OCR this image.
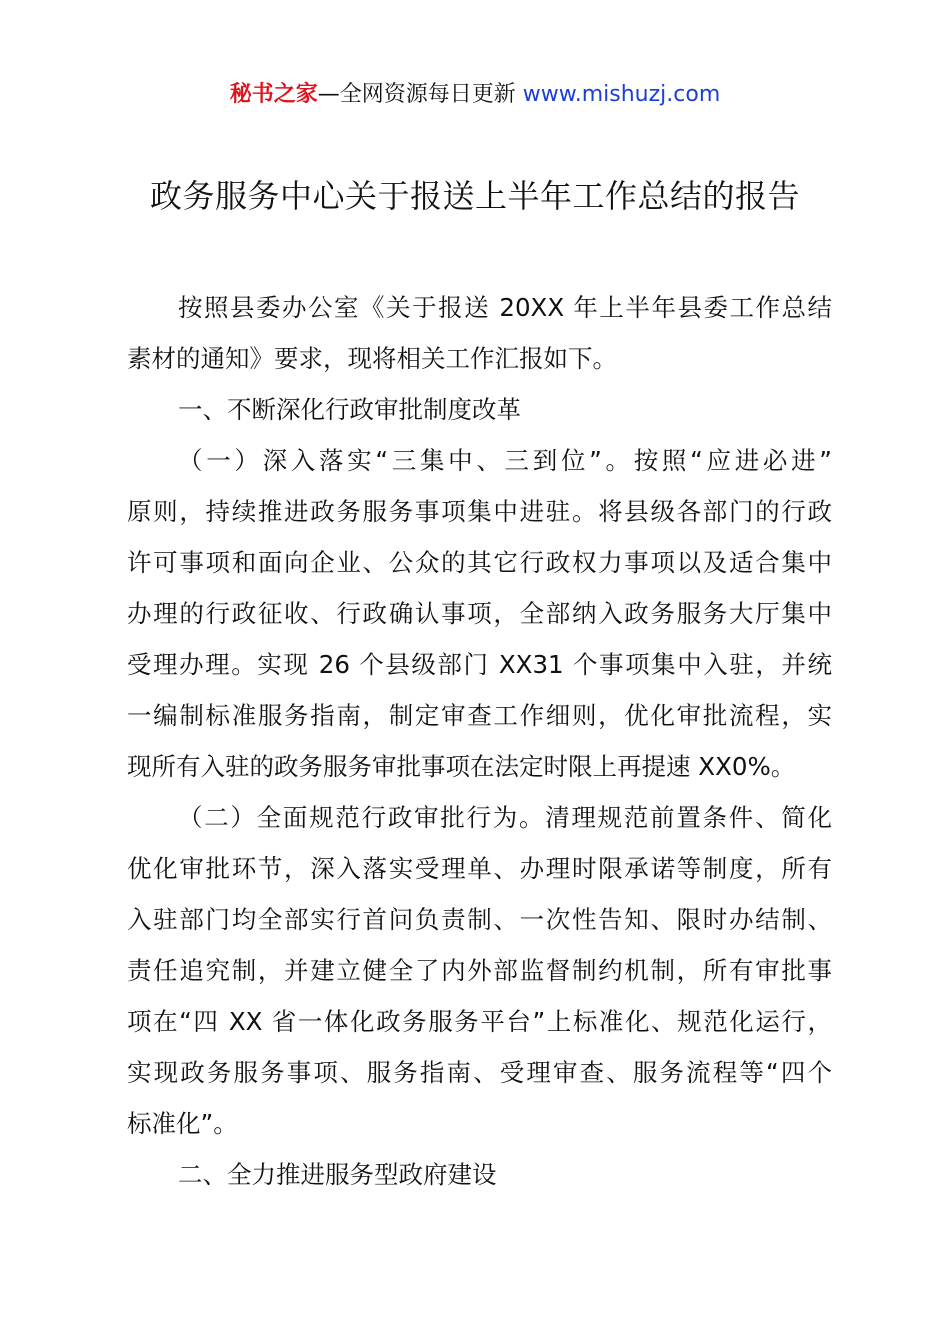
秘书之家—全网资源每日更新 www.mishuzj.com
政务服务中心关于报送上半年工作总结的报告
按照县委办公室《关于报送 20XX 年上半年县委工作总结
素材的通知》要求，现将相关工作汇报如下。
一、不断深化行政审批制度改革
（一）深入落实“三集中、三到位”。按照“应进必进”
原则，持续推进政务服务事项集中进驻。将县级各部门的行政
许可事项和面向企业、公众的其它行政权力事项以及适合集中
办理的行政征收、行政确认事项，全部纳入政务服务大厅集中
受理办理。实现 26 个县级部门 XX31 个事项集中入驻，并统
一编制标准服务指南，制定审查工作细则，优化审批流程，实
现所有入驻的政务服务审批事项在法定时限上再提速 XX0%。
（二）全面规范行政审批行为。清理规范前置条件、简化
优化审批环节，深入落实受理单、办理时限承诺等制度，所有
入驻部门均全部实行首问负责制、一次性告知、限时办结制、
责任追究制，并建立健全了内外部监督制约机制，所有审批事
项在“四 XX 省一体化政务服务平台”上标准化、规范化运行，
实现政务服务事项、服务指南、受理审查、服务流程等“四个
标准化”。
二、全力推进服务型政府建设
